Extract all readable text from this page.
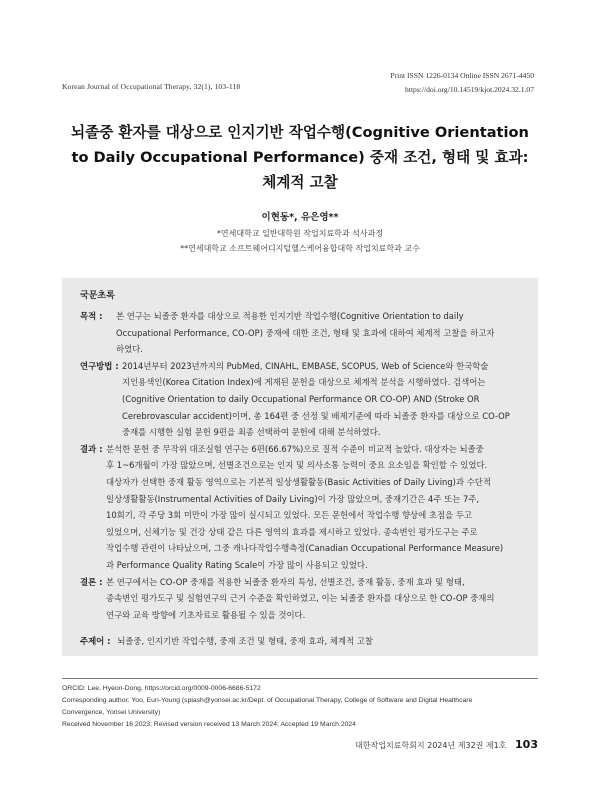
Korean Journal of Occupational Therapy, 32(1), 103-118
Print ISSN 1226-0134 Online ISSN 2671-4450
https://doi.org/10.14519/kjot.2024.32.1.07
뇌졸중 환자를 대상으로 인지기반 작업수행(Cognitive Orientation
to Daily Occupational Performance) 중재 조건, 형태 및 효과:
체계적 고찰
이현동*, 유은영**
*연세대학교 일반대학원 작업치료학과 석사과정
**연세대학교 소프트웨어디지털헬스케어융합대학 작업치료학과 교수
국문초록
목적 : 본 연구는 뇌졸중 환자를 대상으로 적용한 인지기반 작업수행(Cognitive Orientation to daily
Occupational Performance, CO-OP) 중재에 대한 조건, 형태 및 효과에 대하여 체계적 고찰을 하고자
하였다.
연구방법 : 2014년부터 2023년까지의 PubMed, CINAHL, EMBASE, SCOPUS, Web of Science와 한국학술
지인용색인(Korea Citation Index)에 게재된 문헌을 대상으로 체계적 분석을 시행하였다. 검색어는
(Cognitive Orientation to daily Occupational Performance OR CO-OP) AND (Stroke OR
Cerebrovascular accident)이며, 총 164편 중 선정 및 배제기준에 따라 뇌졸중 환자를 대상으로 CO-OP
중재를 시행한 실험 문헌 9편을 최종 선택하여 문헌에 대해 분석하였다.
결과 : 분석한 문헌 중 무작위 대조실험 연구는 6편(66.67%)으로 질적 수준이 비교적 높았다. 대상자는 뇌졸중
후 1~6개월이 가장 많았으며, 선별조건으로는 인지 및 의사소통 능력이 중요 요소임을 확인할 수 있었다.
대상자가 선택한 중재 활동 영역으로는 기본적 일상생활활동(Basic Activities of Daily Living)과 수단적
일상생활활동(Instrumental Activities of Daily Living)이 가장 많았으며, 중재기간은 4주 또는 7주,
10회기, 각 주당 3회 미만이 가장 많이 실시되고 있었다. 모든 문헌에서 작업수행 향상에 초점을 두고
있었으며, 신체기능 및 건강 상태 같은 다른 영역의 효과를 제시하고 있었다. 종속변인 평가도구는 주로
작업수행 관련이 나타났으며, 그중 캐나다작업수행측정(Canadian Occupational Performance Measure)
과 Performance Quality Rating Scale이 가장 많이 사용되고 있었다.
결론 : 본 연구에서는 CO-OP 중재를 적용한 뇌졸중 환자의 특성, 선별조건, 중재 활동, 중재 효과 및 형태,
종속변인 평가도구 및 실험연구의 근거 수준을 확인하였고, 이는 뇌졸중 환자를 대상으로 한 CO-OP 중재의
연구와 교육 방향에 기초자료로 활용될 수 있을 것이다.
주제어 : 뇌졸중, 인지기반 작업수행, 중재 조건 및 형태, 중재 효과, 체계적 고찰
ORCID: Lee, Hyeon-Dong, https://orcid.org/0009-0006-6686-5172
Corresponding author: Yoo, Eun-Young (splash@yonsei.ac.kr/Dept. of Occupational Therapy, College of Software and Digital Healthcare
Convergence, Yonsei University)
Received November 16 2023; Revised version received 13 March 2024; Accepted 19 March 2024
대한작업치료학회지 2024년 제32권 제1호 103
